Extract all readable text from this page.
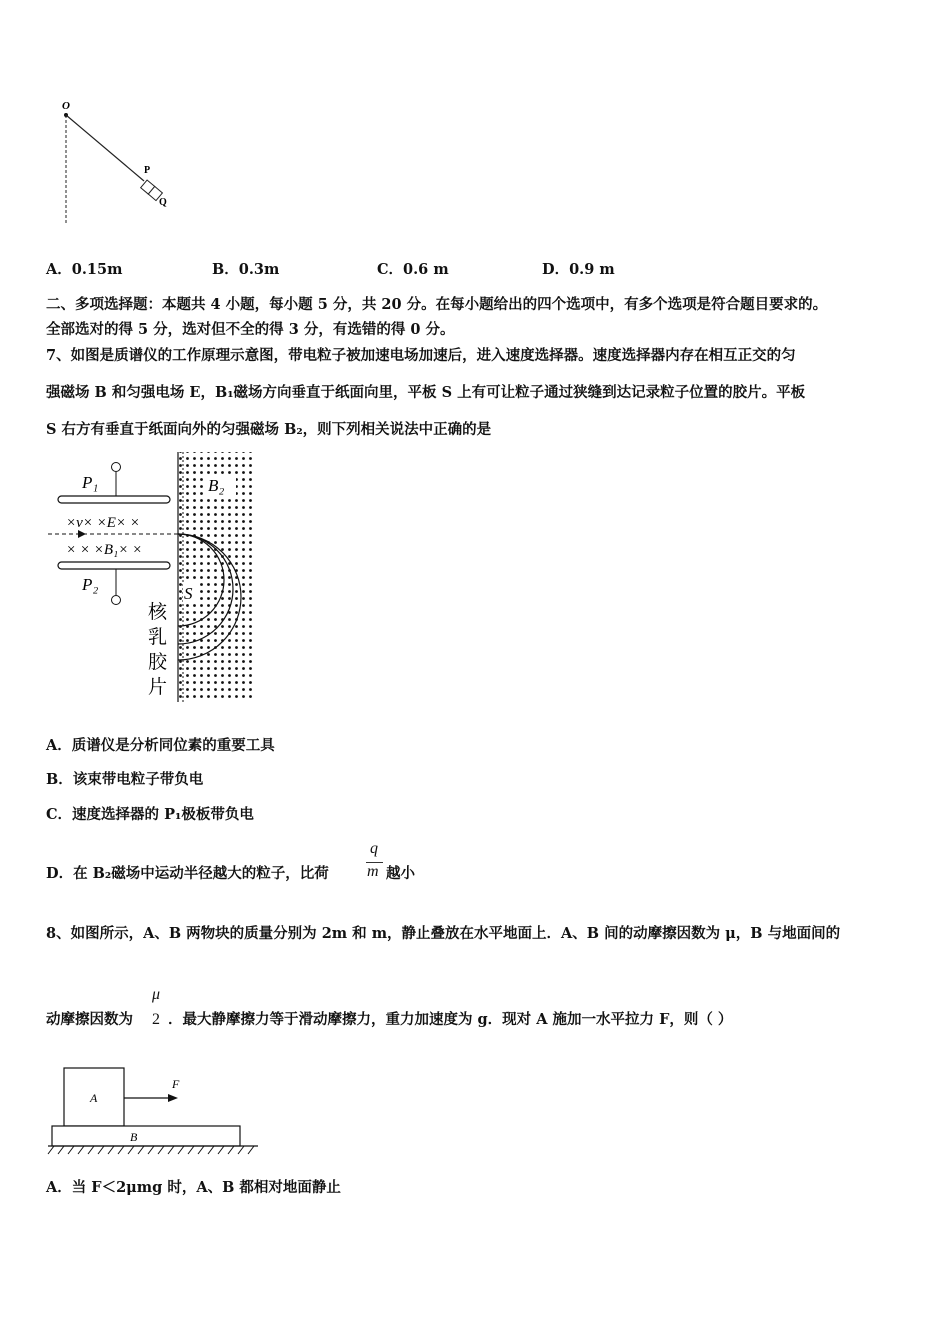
O
P
Q
A．0.15m	B．0.3m	C．0.6 m	D．0.9 m
二、多项选择题：本题共 4 小题，每小题 5 分，共 20 分。在每小题给出的四个选项中，有多个选项是符合题目要求的。
全部选对的得 5 分，选对但不全的得 3 分，有选错的得 0 分。
7、如图是质谱仪的工作原理示意图，带电粒子被加速电场加速后，进入速度选择器。速度选择器内存在相互正交的匀
强磁场 B 和匀强电场 E，B₁磁场方向垂直于纸面向里，平板 S 上有可让粒子通过狭缝到达记录粒子位置的胶片。平板
S 右方有垂直于纸面向外的匀强磁场 B₂，则下列相关说法中正确的是
P₁
P₂
B₂
×v× ×E× ×
× × ×B₁× ×
S
核
乳
胶
片
A．质谱仪是分析同位素的重要工具
B．该束带电粒子带负电
C．速度选择器的 P₁极板带负电
D．在 B₂磁场中运动半径越大的粒子，比荷
q
m 越小
8、如图所示，A、B 两物块的质量分别为 2m 和 m，静止叠放在水平地面上．A、B 间的动摩擦因数为 μ，B 与地面间的
动摩擦因数为
μ
2 ．最大静摩擦力等于滑动摩擦力，重力加速度为 g．现对 A 施加一水平拉力 F，则（ ）
A
B
F
A．当 F＜2μmg 时，A、B 都相对地面静止
